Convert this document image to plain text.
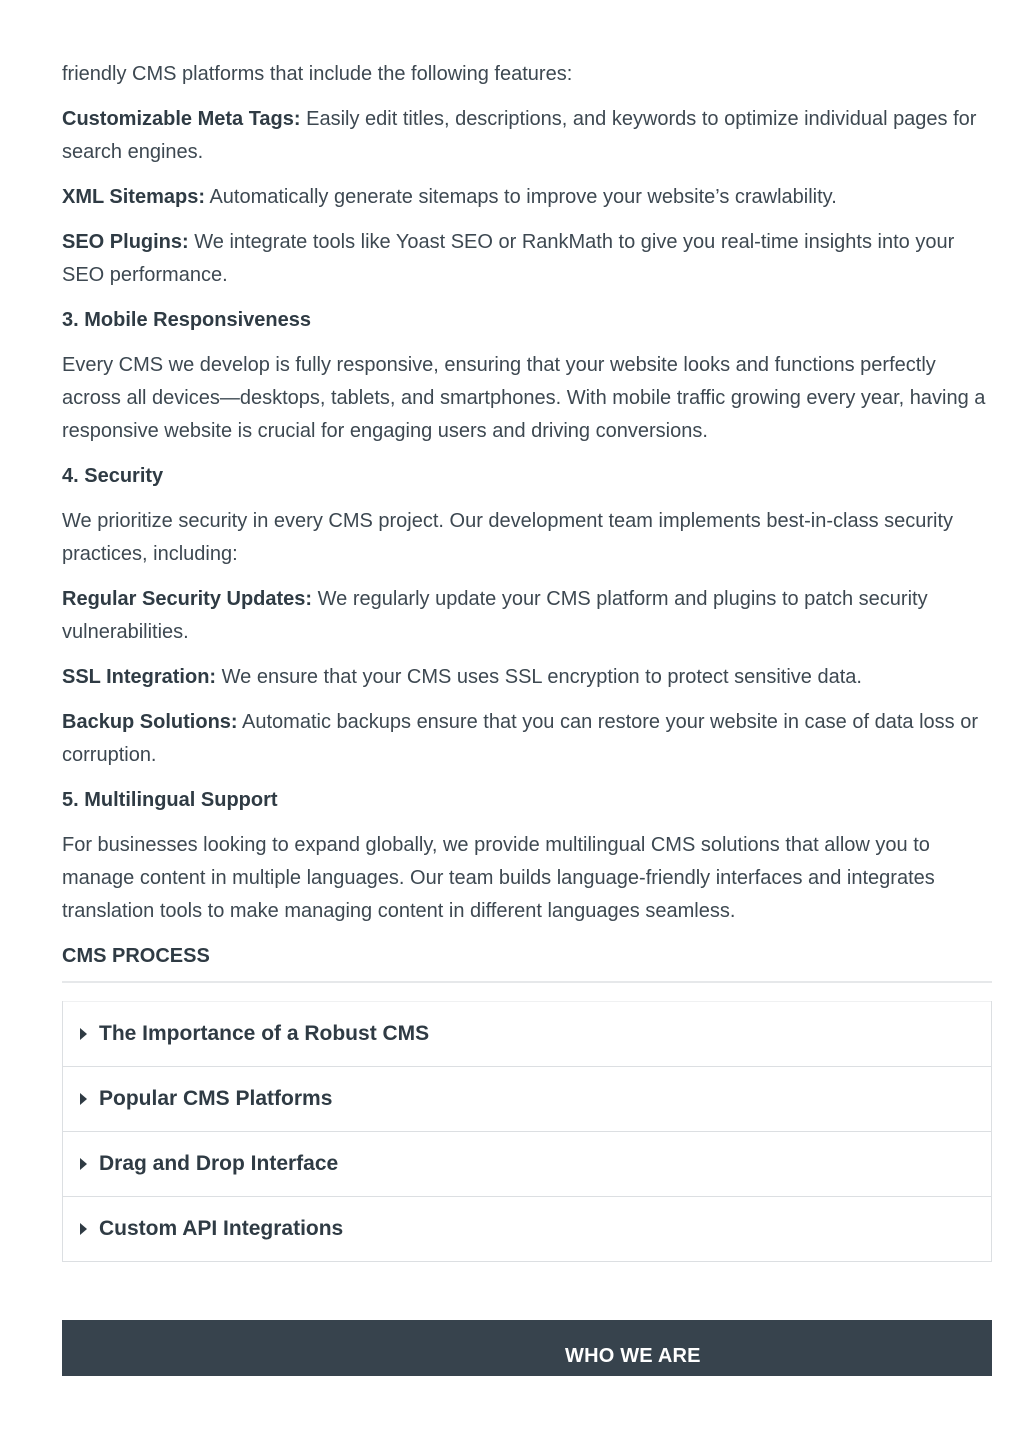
friendly CMS platforms that include the following features:

Customizable Meta Tags: Easily edit titles, descriptions, and keywords to optimize individual pages for search engines.

XML Sitemaps: Automatically generate sitemaps to improve your website’s crawlability.

SEO Plugins: We integrate tools like Yoast SEO or RankMath to give you real-time insights into your SEO performance.

3. Mobile Responsiveness

Every CMS we develop is fully responsive, ensuring that your website looks and functions perfectly across all devices—desktops, tablets, and smartphones. With mobile traffic growing every year, having a responsive website is crucial for engaging users and driving conversions.

4. Security

We prioritize security in every CMS project. Our development team implements best-in-class security practices, including:

Regular Security Updates: We regularly update your CMS platform and plugins to patch security vulnerabilities.

SSL Integration: We ensure that your CMS uses SSL encryption to protect sensitive data.

Backup Solutions: Automatic backups ensure that you can restore your website in case of data loss or corruption.

5. Multilingual Support

For businesses looking to expand globally, we provide multilingual CMS solutions that allow you to manage content in multiple languages. Our team builds language-friendly interfaces and integrates translation tools to make managing content in different languages seamless.

CMS PROCESS
The Importance of a Robust CMS
Popular CMS Platforms
Drag and Drop Interface
Custom API Integrations
VSP
WHO WE ARE
